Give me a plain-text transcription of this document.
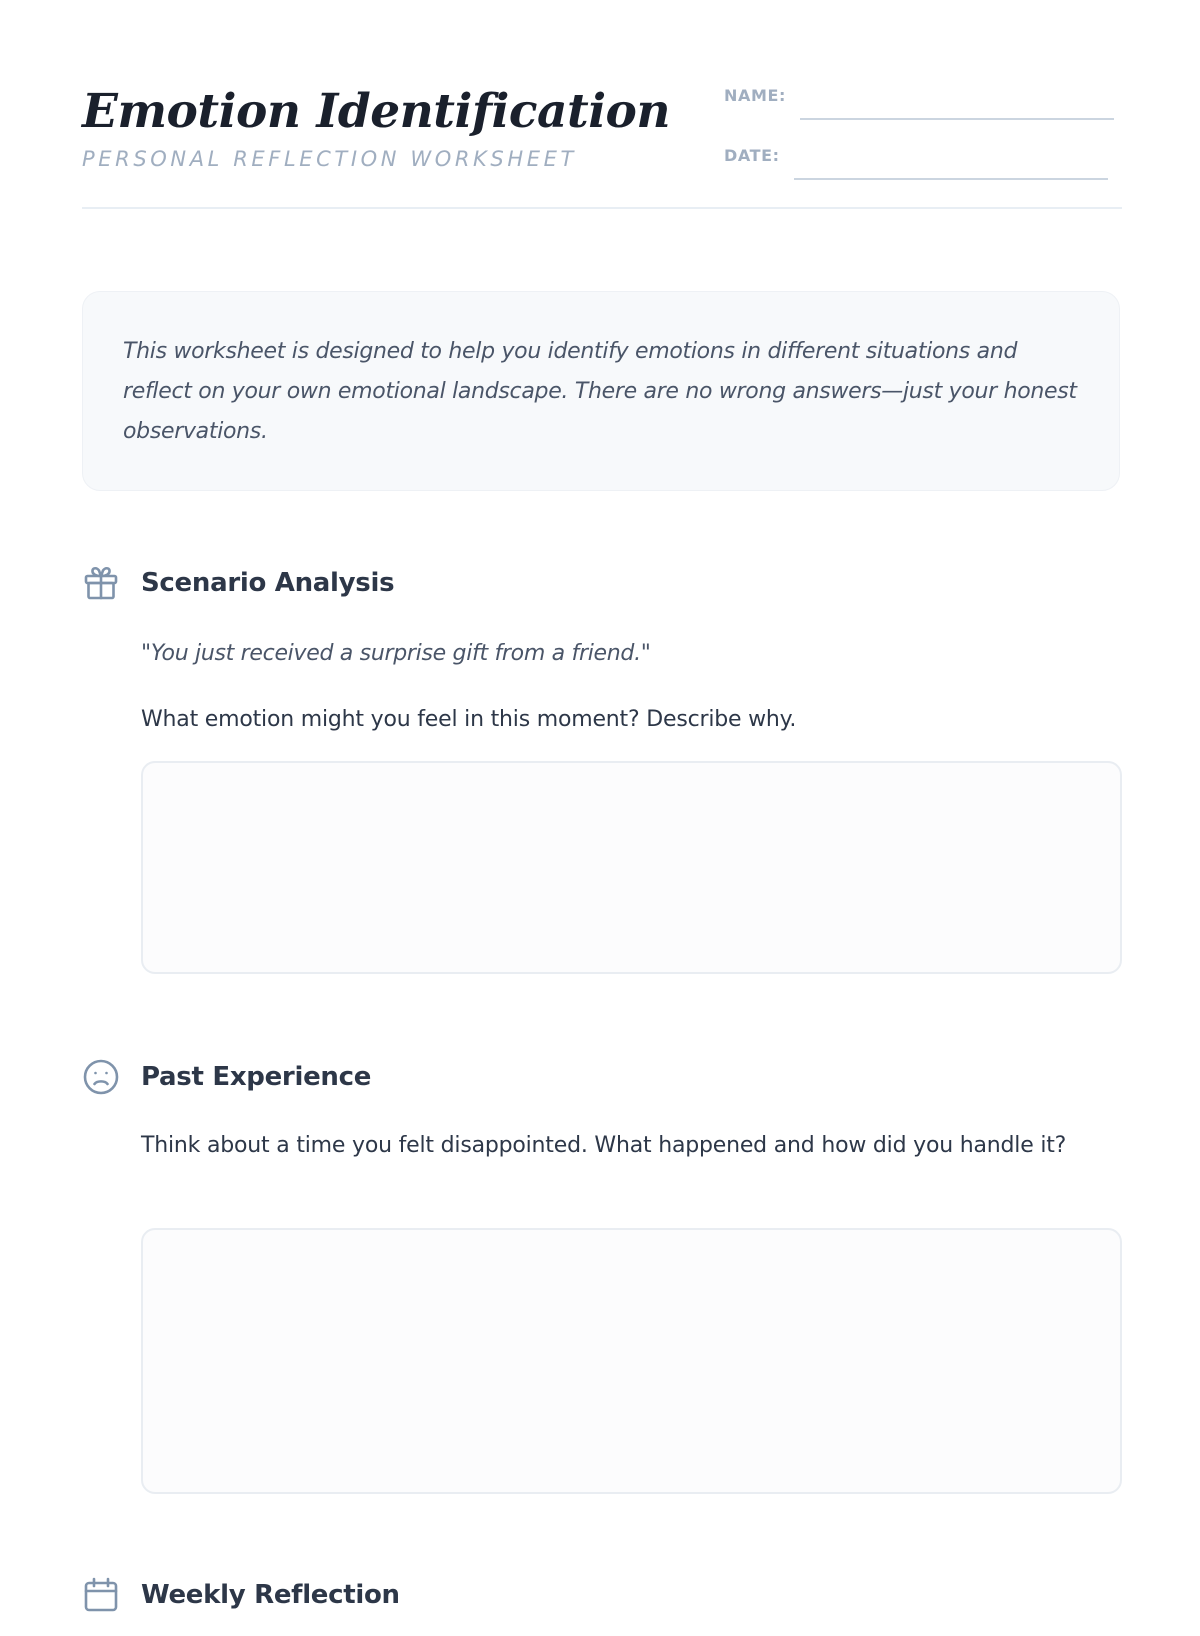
Emotion Identification
PERSONAL REFLECTION WORKSHEET
NAME:
DATE:

This worksheet is designed to help you identify emotions in different situations and reflect on your own emotional landscape. There are no wrong answers—just your honest observations.

Scenario Analysis

"You just received a surprise gift from a friend."

What emotion might you feel in this moment? Describe why.

Past Experience

Think about a time you felt disappointed. What happened and how did you handle it?

Weekly Reflection
